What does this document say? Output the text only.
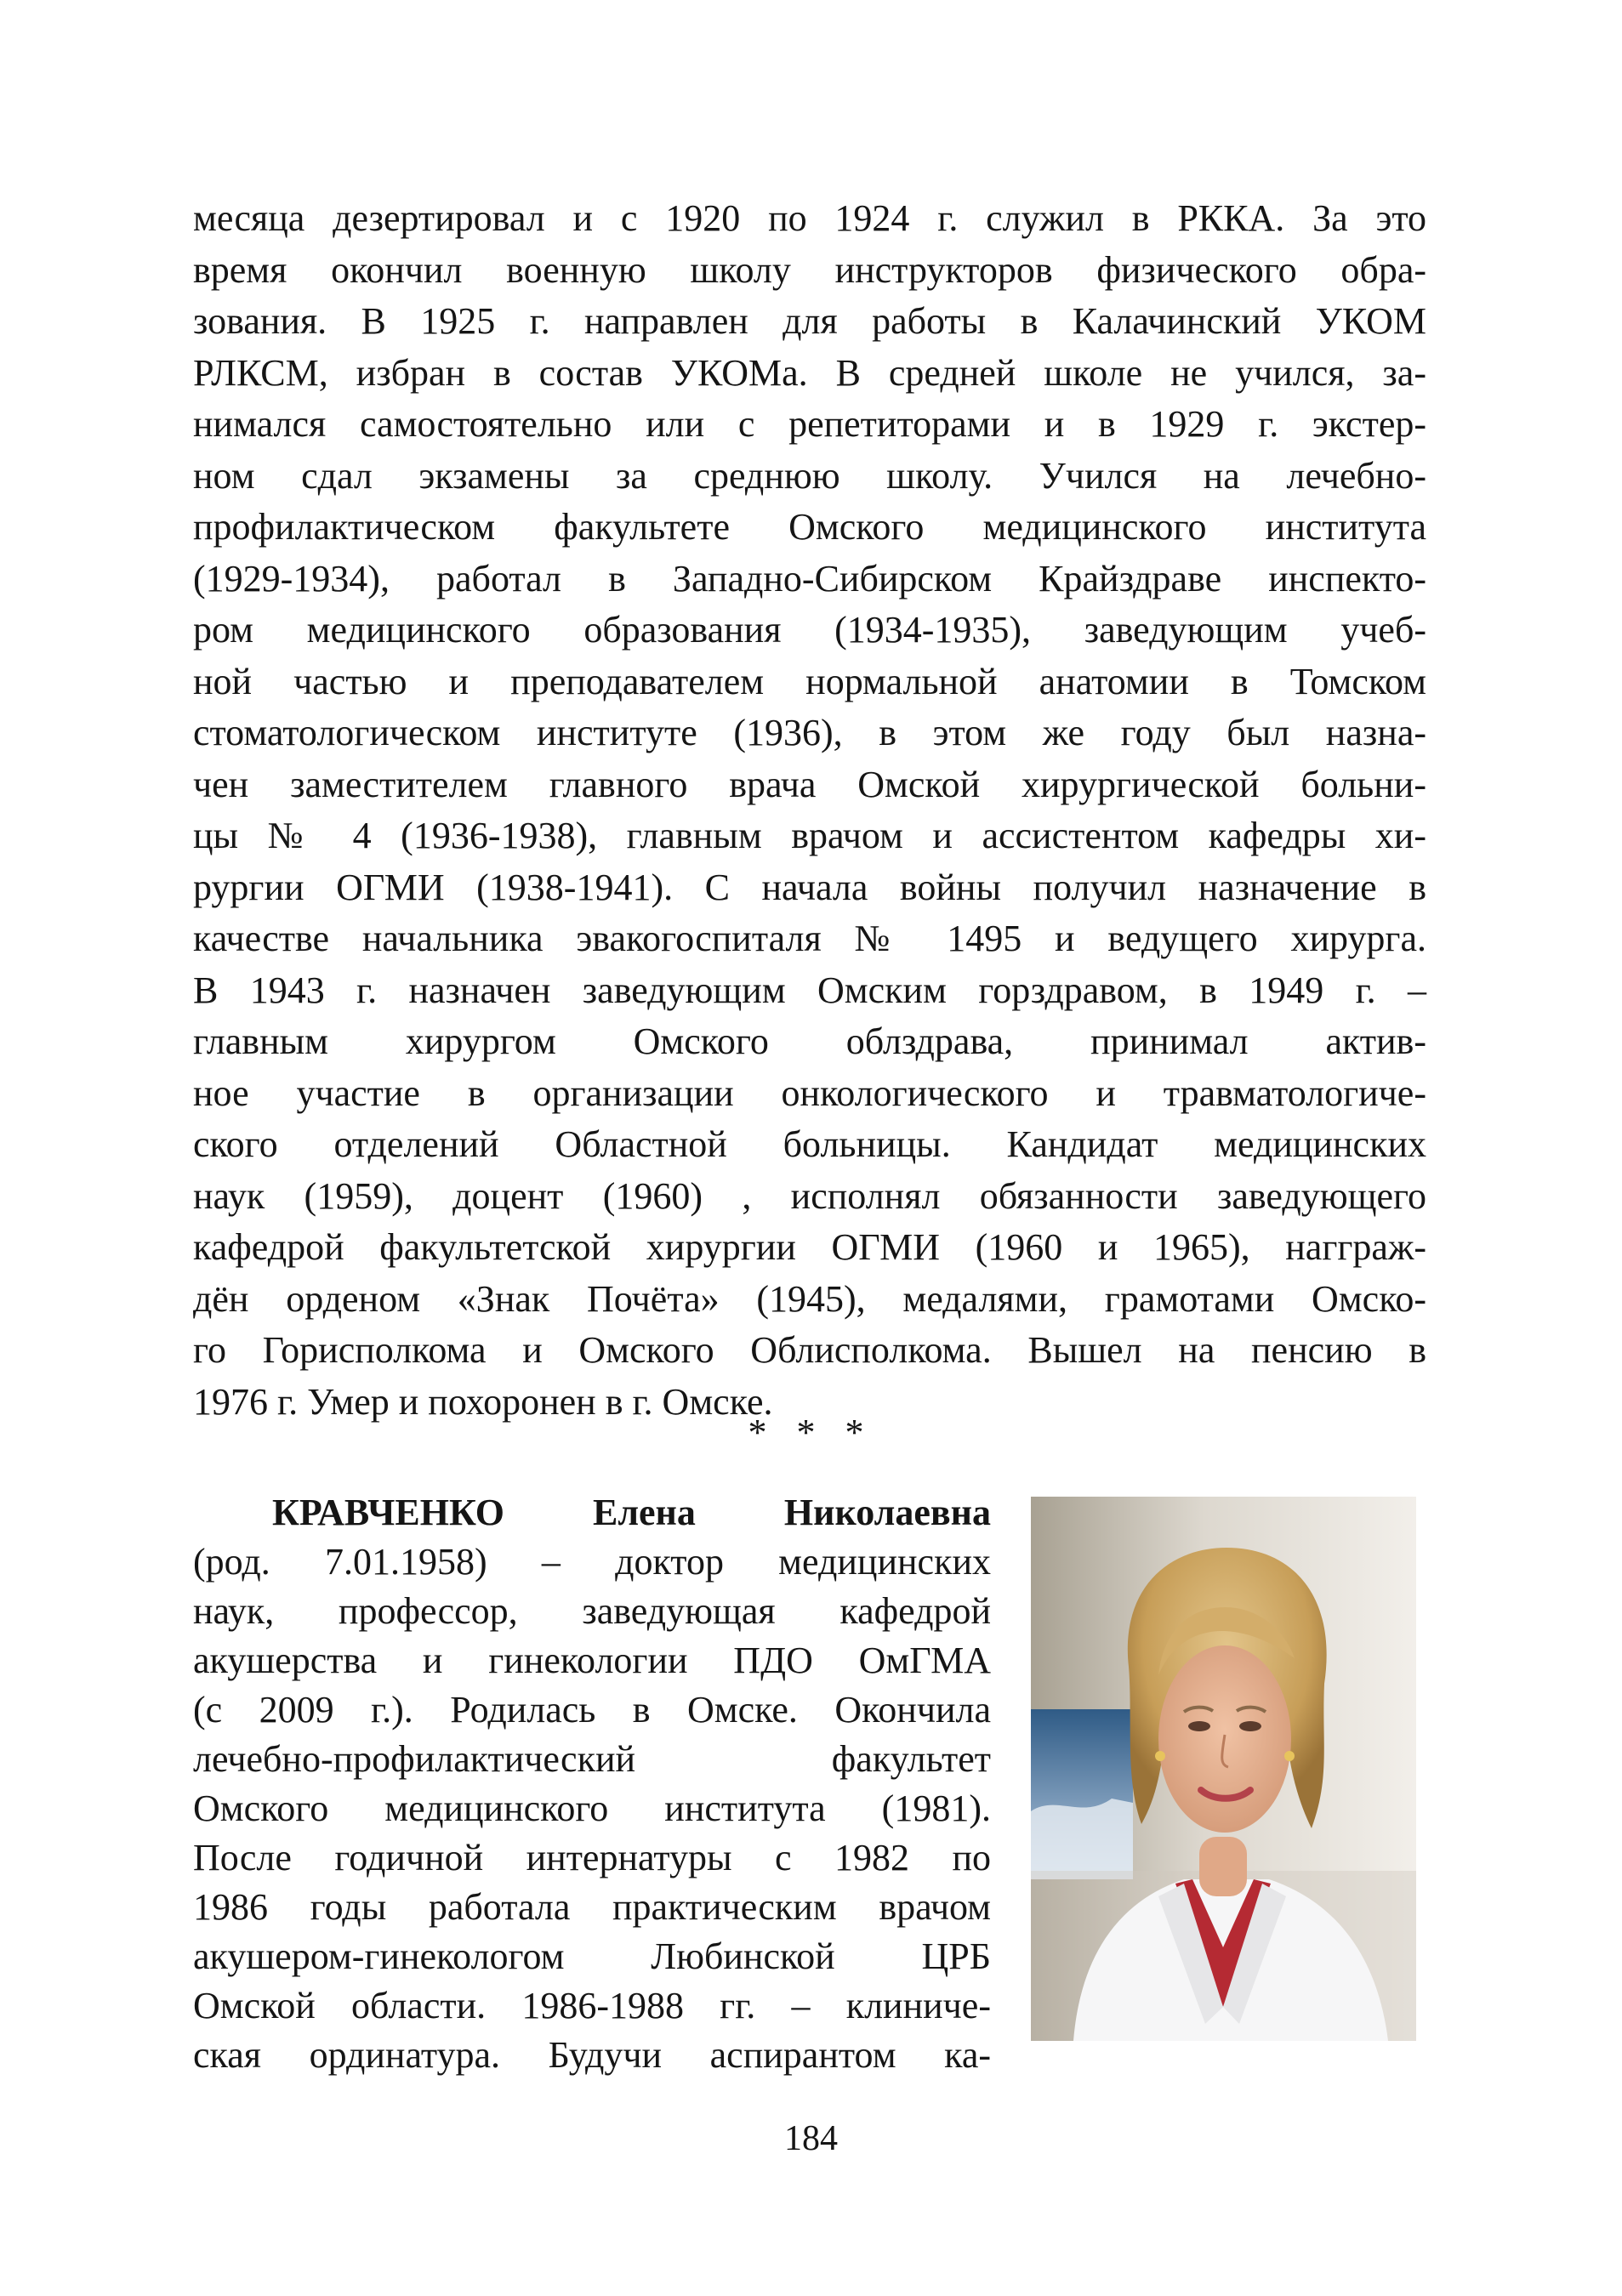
месяца дезертировал и с 1920 по 1924 г. служил в РККА. За это
время окончил военную школу инструкторов физического обра-
зования. В 1925 г. направлен для работы в Калачинский УКОМ
РЛКСМ, избран в состав УКОМа. В средней школе не учился, за-
нимался самостоятельно или с репетиторами и в 1929 г. экстер-
ном сдал экзамены за среднюю школу. Учился на лечебно-
профилактическом факультете Омского медицинского института
(1929-1934), работал в Западно-Сибирском Крайздраве инспекто-
ром медицинского образования (1934-1935), заведующим учеб-
ной частью и преподавателем нормальной анатомии в Томском
стоматологическом институте (1936), в этом же году был назна-
чен заместителем главного врача Омской хирургической больни-
цы № 4 (1936-1938), главным врачом и ассистентом кафедры хи-
рургии ОГМИ (1938-1941). С начала войны получил назначение в
качестве начальника эвакогоспиталя № 1495 и ведущего хирурга.
В 1943 г. назначен заведующим Омским горздравом, в 1949 г. –
главным хирургом Омского облздрава, принимал актив-
ное участие в организации онкологического и травматологиче-
ского отделений Областной больницы. Кандидат медицинских
наук (1959), доцент (1960) , исполнял обязанности заведующего
кафедрой факультетской хирургии ОГМИ (1960 и 1965), нагграж-
дён орденом «Знак Почёта» (1945), медалями, грамотами Омско-
го Горисполкома и Омского Облисполкома. Вышел на пенсию в
1976 г. Умер и похоронен в г. Омске.
* * *
КРАВЧЕНКО Елена Николаевна
(род. 7.01.1958) – доктор медицинских
наук, профессор, заведующая кафедрой
акушерства и гинекологии ПДО ОмГМА
(с 2009 г.). Родилась в Омске. Окончила
лечебно-профилактический факультет
Омского медицинского института (1981).
После годичной интернатуры с 1982 по
1986 годы работала практическим врачом
акушером-гинекологом Любинской ЦРБ
Омской области. 1986-1988 гг. – клиниче-
ская ординатура. Будучи аспирантом ка-
184
